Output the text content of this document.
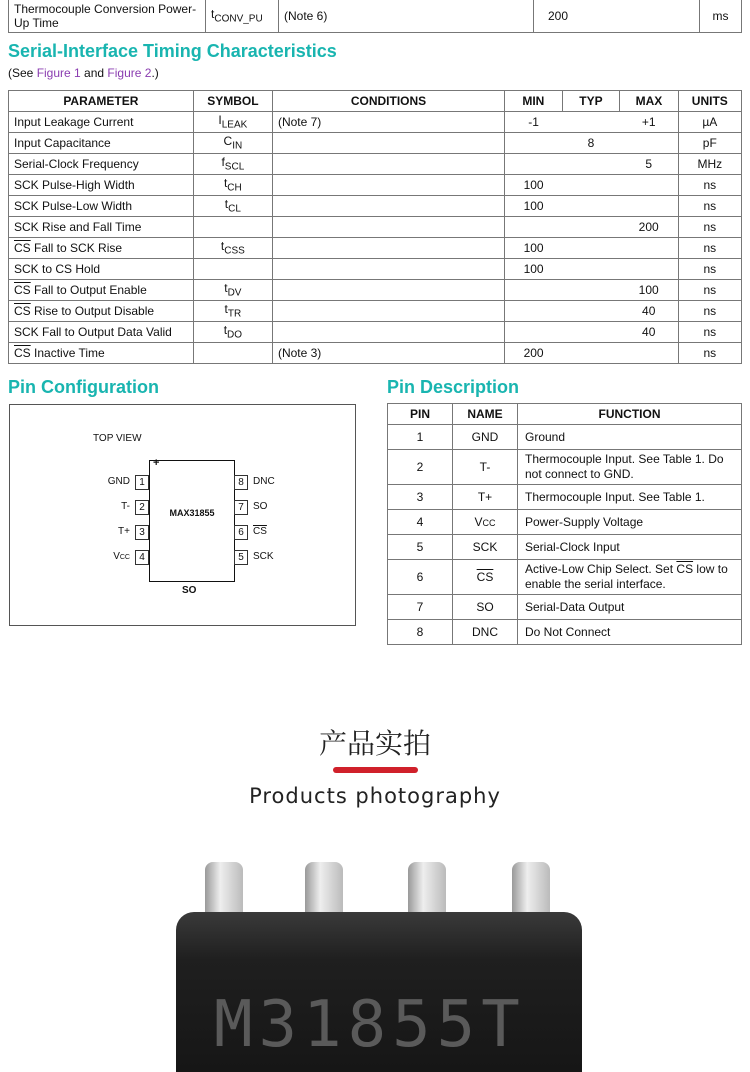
Thermocouple Conversion Power-Up Time	$t_{CONV\_PU}$	(Note 6)	200	ms
Serial-Interface Timing Characteristics
(See Figure 1 and Figure 2.)
PARAMETER	SYMBOL	CONDITIONS	MIN	TYP	MAX	UNITS
Input Leakage Current	$I_{LEAK}$	(Note 7)	-1		+1	µA
Input Capacitance	$C_{IN}$			8		pF
Serial-Clock Frequency	$f_{SCL}$				5	MHz
SCK Pulse-High Width	$t_{CH}$		100			ns
SCK Pulse-Low Width	$t_{CL}$		100			ns
SCK Rise and Fall Time					200	ns
$\overline{CS}$ Fall to SCK Rise	$t_{CSS}$		100			ns
SCK to CS Hold			100			ns
$\overline{CS}$ Fall to Output Enable	$t_{DV}$				100	ns
$\overline{CS}$ Rise to Output Disable	$t_{TR}$				40	ns
SCK Fall to Output Data Valid	$t_{DO}$				40	ns
$\overline{CS}$ Inactive Time		(Note 3)	200			ns
Pin Configuration
TOP VIEW
+
MAX31855
SO
1
GND
2
T-
3
T+
4
VCC
8 DNC
7 SO
6 $\overline{CS}$
5 SCK
Pin Description
PIN	NAME	FUNCTION
1	GND	Ground
2	T-	Thermocouple Input. See Table 1. Do not connect to GND.
3	T+	Thermocouple Input. See Table 1.
4	VCC	Power-Supply Voltage
5	SCK	Serial-Clock Input
6	$\overline{CS}$	Active-Low Chip Select. Set $\overline{CS}$ low to enable the serial interface.
7	SO	Serial-Data Output
8	DNC	Do Not Connect
产品实拍
Products photography
M31855T
